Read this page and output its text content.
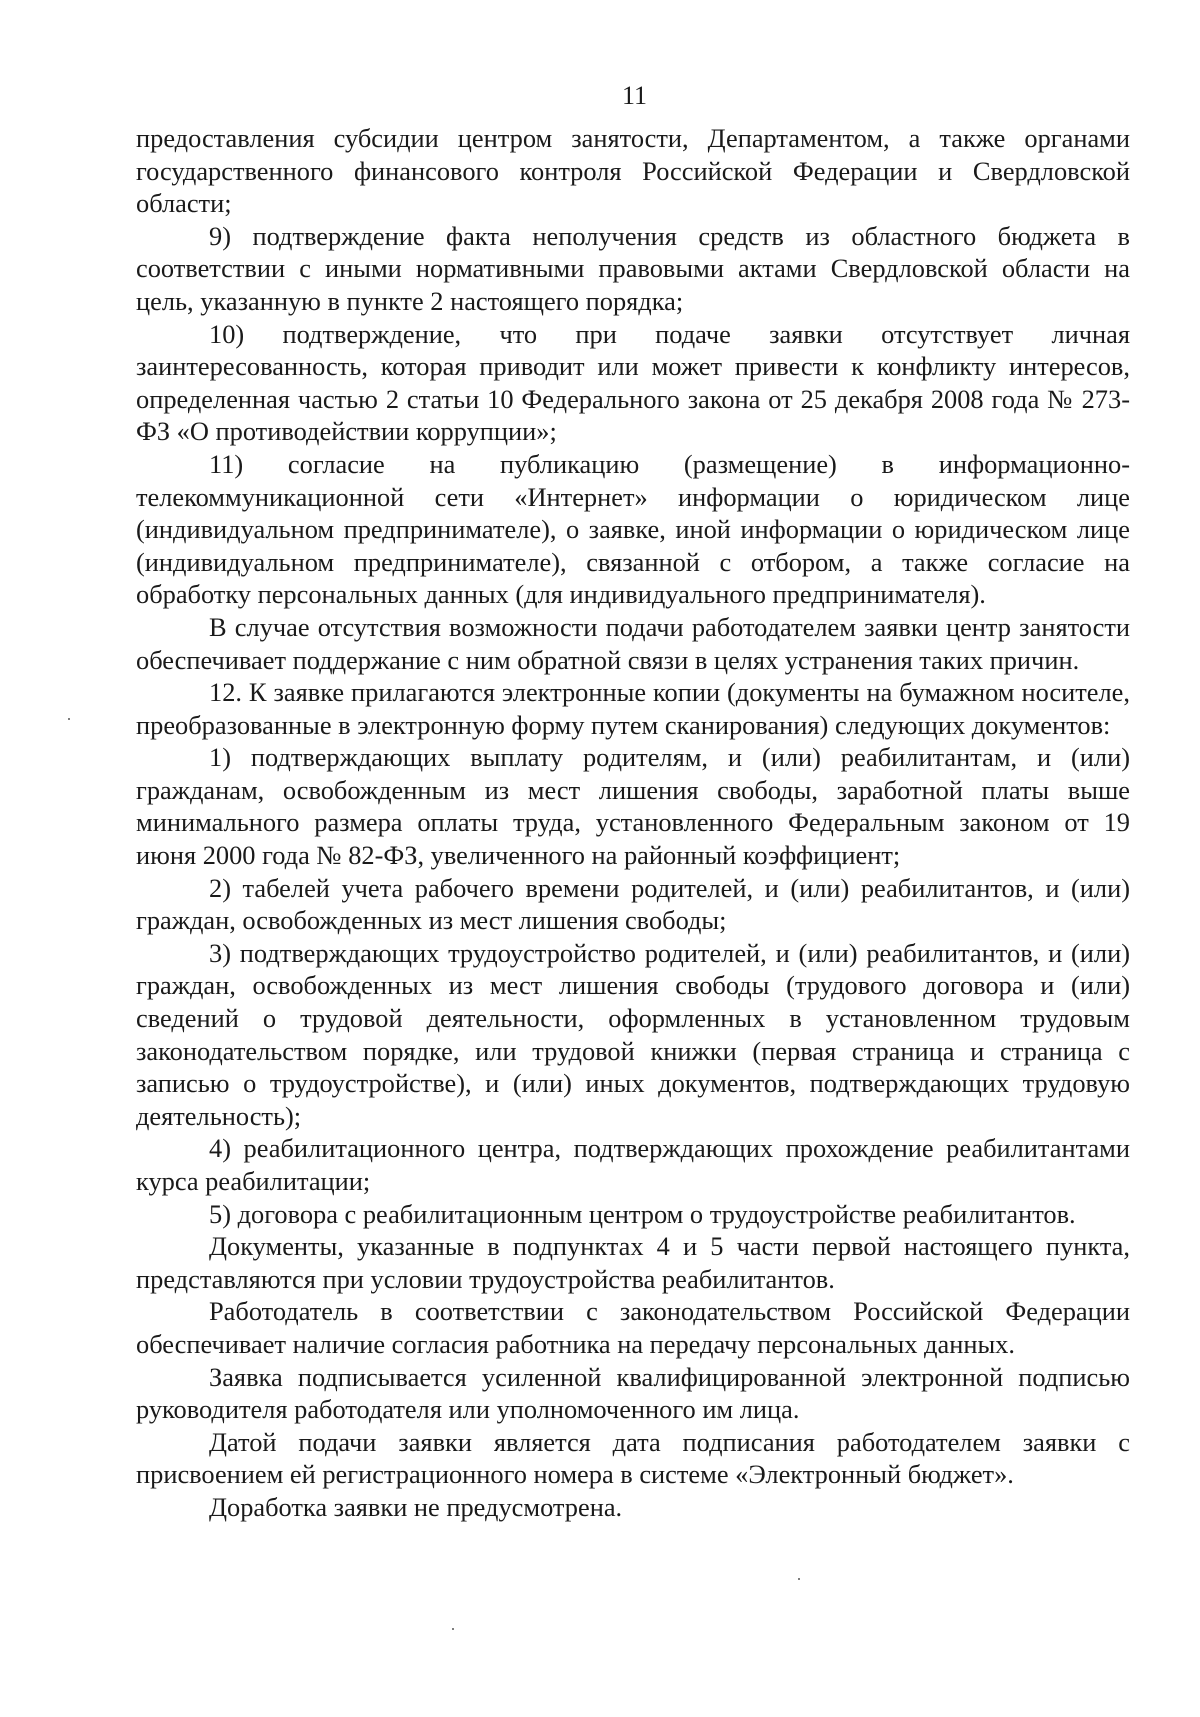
11

предоставления субсидии центром занятости, Департаментом, а также органами государственного финансового контроля Российской Федерации и Свердловской области;

9) подтверждение факта неполучения средств из областного бюджета в соответствии с иными нормативными правовыми актами Свердловской области на цель, указанную в пункте 2 настоящего порядка;

10) подтверждение, что при подаче заявки отсутствует личная заинтересованность, которая приводит или может привести к конфликту интересов, определенная частью 2 статьи 10 Федерального закона от 25 декабря 2008 года № 273-ФЗ «О противодействии коррупции»;

11) согласие на публикацию (размещение) в информационно-телекоммуникационной сети «Интернет» информации о юридическом лице (индивидуальном предпринимателе), о заявке, иной информации о юридическом лице (индивидуальном предпринимателе), связанной с отбором, а также согласие на обработку персональных данных (для индивидуального предпринимателя).

В случае отсутствия возможности подачи работодателем заявки центр занятости обеспечивает поддержание с ним обратной связи в целях устранения таких причин.

12. К заявке прилагаются электронные копии (документы на бумажном носителе, преобразованные в электронную форму путем сканирования) следующих документов:

1) подтверждающих выплату родителям, и (или) реабилитантам, и (или) гражданам, освобожденным из мест лишения свободы, заработной платы выше минимального размера оплаты труда, установленного Федеральным законом от 19 июня 2000 года № 82-ФЗ, увеличенного на районный коэффициент;

2) табелей учета рабочего времени родителей, и (или) реабилитантов, и (или) граждан, освобожденных из мест лишения свободы;

3) подтверждающих трудоустройство родителей, и (или) реабилитантов, и (или) граждан, освобожденных из мест лишения свободы (трудового договора и (или) сведений о трудовой деятельности, оформленных в установленном трудовым законодательством порядке, или трудовой книжки (первая страница и страница с записью о трудоустройстве), и (или) иных документов, подтверждающих трудовую деятельность);

4) реабилитационного центра, подтверждающих прохождение реабилитантами курса реабилитации;

5) договора с реабилитационным центром о трудоустройстве реабилитантов.

Документы, указанные в подпунктах 4 и 5 части первой настоящего пункта, представляются при условии трудоустройства реабилитантов.

Работодатель в соответствии с законодательством Российской Федерации обеспечивает наличие согласия работника на передачу персональных данных.

Заявка подписывается усиленной квалифицированной электронной подписью руководителя работодателя или уполномоченного им лица.

Датой подачи заявки является дата подписания работодателем заявки с присвоением ей регистрационного номера в системе «Электронный бюджет».

Доработка заявки не предусмотрена.
